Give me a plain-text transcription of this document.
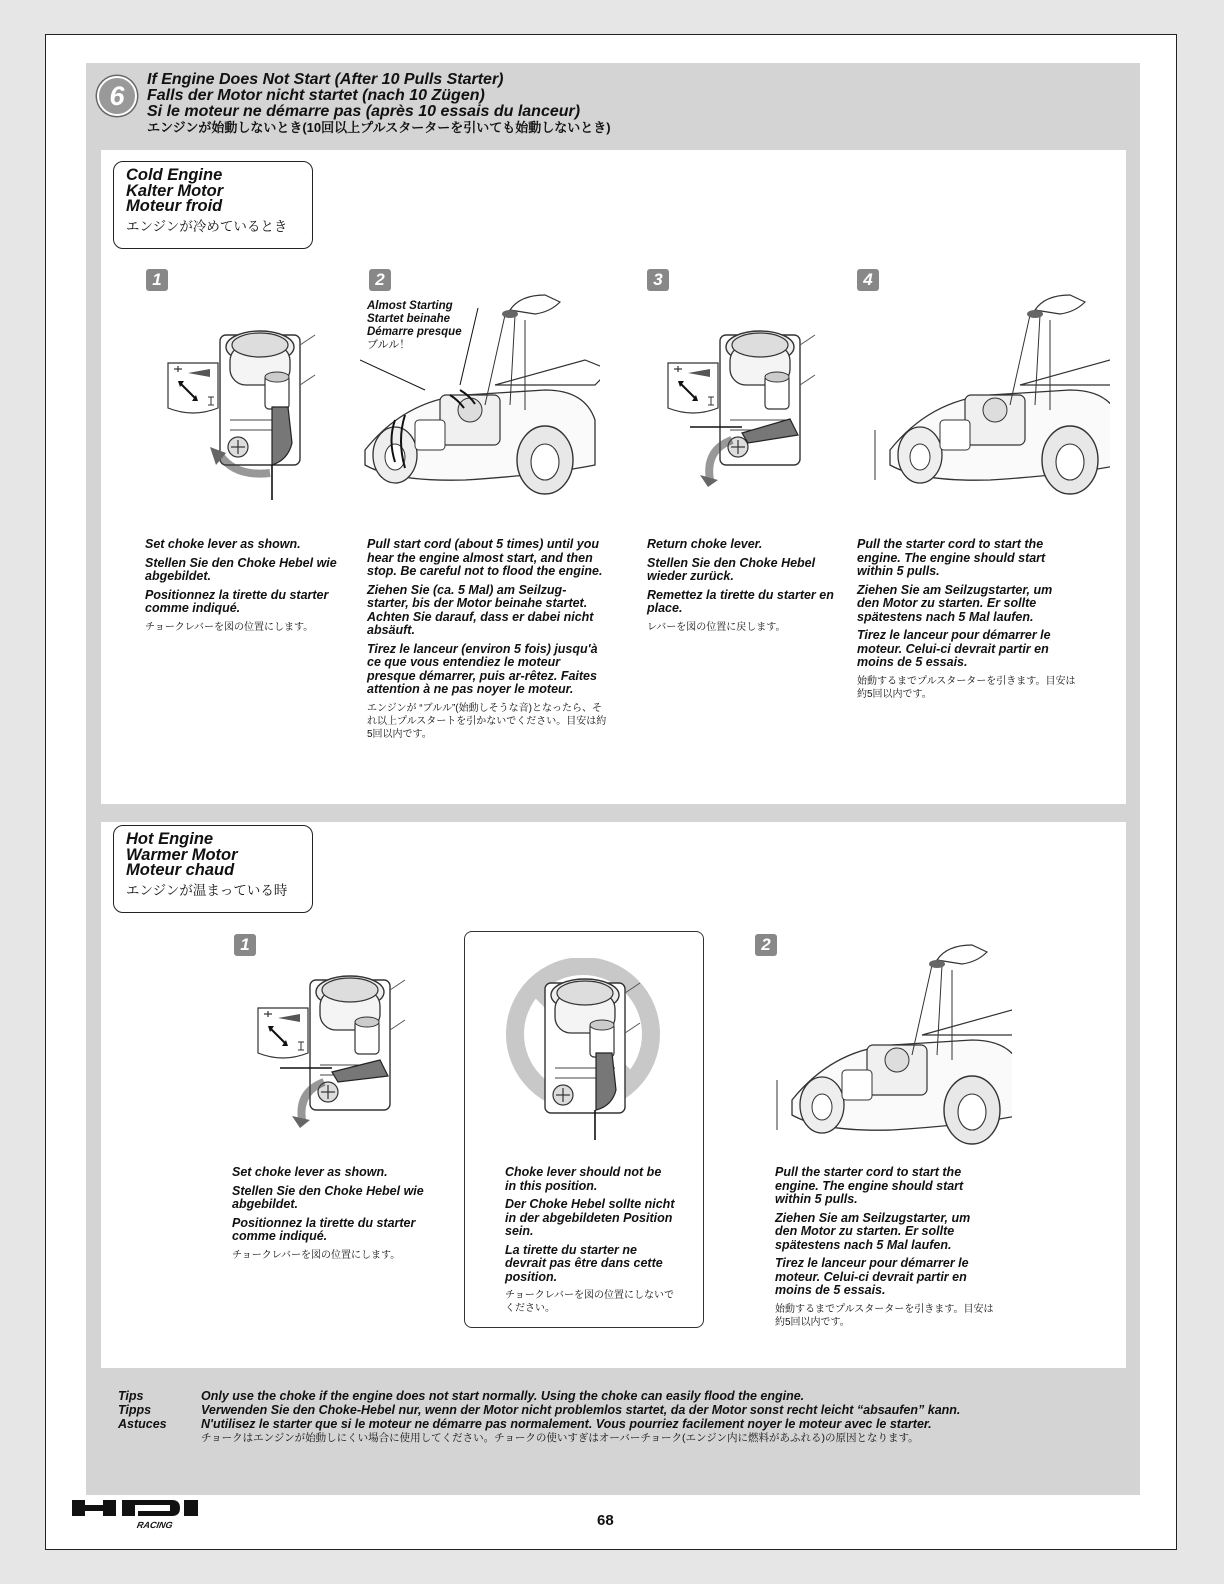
6
If Engine Does Not Start (After 10 Pulls Starter)
Falls der Motor nicht startet (nach 10 Zügen)
Si le moteur ne démarre pas (après 10 essais du lanceur)
エンジンが始動しないとき(10回以上プルスターターを引いても始動しないとき)
Cold Engine
Kalter Motor
Moteur froid
エンジンが冷めているとき
1	2	3	4
Almost Starting
Startet beinahe
Démarre presque
ブルル！

Set choke lever as shown.

Stellen Sie den Choke Hebel wie abgebildet.

Positionnez la tirette du starter comme indiqué.

チョークレバーを図の位置にします。

Pull start cord (about 5 times) until you hear the engine almost start, and then stop. Be careful not to flood the engine.

Ziehen Sie (ca. 5 Mal) am Seilzug-starter, bis der Motor beinahe startet. Achten Sie darauf, dass er dabei nicht absäuft.

Tirez le lanceur (environ 5 fois) jusqu'à ce que vous entendiez le moteur presque démarrer, puis ar-rêtez. Faites attention à ne pas noyer le moteur.

エンジンが “ブルル”(始動しそうな音)となったら、それ以上プルスタートを引かないでください。目安は約5回以内です。

Return choke lever.

Stellen Sie den Choke Hebel wieder zurück.

Remettez la tirette du starter en place.

レバーを図の位置に戻します。

Pull the starter cord to start the engine. The engine should start within 5 pulls.

Ziehen Sie am Seilzugstarter, um den Motor zu starten. Er sollte spätestens nach 5 Mal laufen.

Tirez le lanceur pour démarrer le moteur. Celui-ci devrait partir en moins de 5 essais.

始動するまでプルスターターを引きます。目安は約5回以内です。

Hot Engine
Warmer Motor
Moteur chaud
エンジンが温まっている時
1	2

Set choke lever as shown.

Stellen Sie den Choke Hebel wie abgebildet.

Positionnez la tirette du starter comme indiqué.

チョークレバーを図の位置にします。

Choke lever should not be in this position.

Der Choke Hebel sollte nicht in der abgebildeten Position sein.

La tirette du starter ne devrait pas être dans cette position.

チョークレバーを図の位置にしないでください。

Pull the starter cord to start the engine. The engine should start within 5 pulls.

Ziehen Sie am Seilzugstarter, um den Motor zu starten. Er sollte spätestens nach 5 Mal laufen.

Tirez le lanceur pour démarrer le moteur. Celui-ci devrait partir en moins de 5 essais.

始動するまでプルスターターを引きます。目安は約5回以内です。

Tips	Only use the choke if the engine does not start normally. Using the choke can easily flood the engine.
Tipps	Verwenden Sie den Choke-Hebel nur, wenn der Motor nicht problemlos startet, da der Motor sonst recht leicht “absaufen” kann.
Astuces	N'utilisez le starter que si le moteur ne démarre pas normalement. Vous pourriez facilement noyer le moteur avec le starter.
チョークはエンジンが始動しにくい場合に使用してください。チョークの使いすぎはオーバーチョーク(エンジン内に燃料があふれる)の原因となります。
RACING	68
